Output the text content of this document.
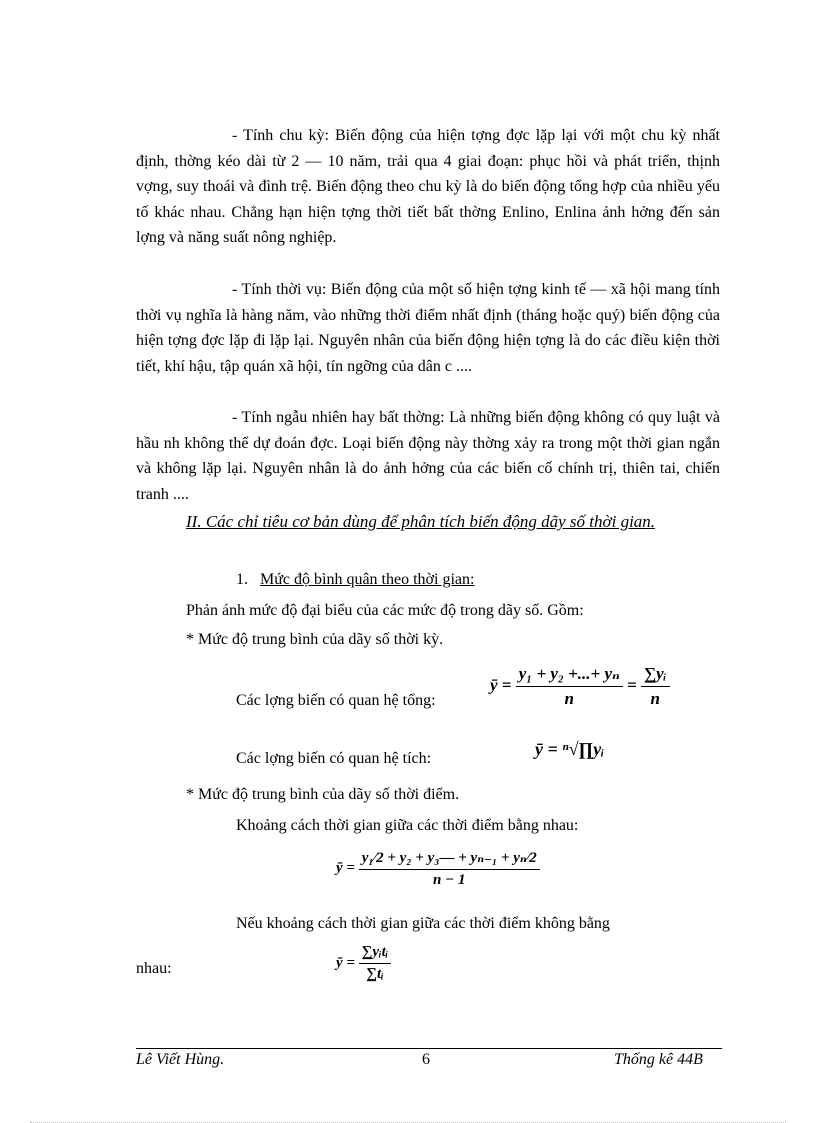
- Tính chu kỳ: Biến động của hiện tợng đợc lặp lại với một chu kỳ nhất định, thờng kéo dài từ 2 — 10 năm, trải qua 4 giai đoạn: phục hồi và phát triển, thịnh vợng, suy thoái và đình trệ. Biến động theo chu kỳ là do biến động tổng hợp của nhiều yếu tố khác nhau. Chẳng hạn hiện tợng thời tiết bất thờng Enlino, Enlina ảnh hởng đến sản lợng và năng suất nông nghiệp.
- Tính thời vụ: Biến động của một số hiện tợng kinh tế — xã hội mang tính thời vụ nghĩa là hàng năm, vào những thời điểm nhất định (tháng hoặc quý) biến động của hiện tợng đợc lặp đi lặp lại. Nguyên nhân của biến động hiện tợng là do các điều kiện thời tiết, khí hậu, tập quán xã hội, tín ngỡng của dân c ....
- Tính ngẫu nhiên hay bất thờng: Là những biến động không có quy luật và hầu nh không thể dự đoán đợc. Loại biến động này thờng xảy ra trong một thời gian ngắn và không lặp lại. Nguyên nhân là do ảnh hởng của các biến cố chính trị, thiên tai, chiến tranh ....
II. Các chỉ tiêu cơ bản dùng để phân tích biến động dãy số thời gian.
1. Mức độ bình quân theo thời gian:
Phản ánh mức độ đại biểu của các mức độ trong dãy số. Gồm:
* Mức độ trung bình của dãy số thời kỳ.
Các lợng biến có quan hệ tổng:
ȳ = $\frac{\text{y₁ + y₂ +...+ yₙ}}{n} = \frac{\text{∑yᵢ}}{n}$
Các lợng biến có quan hệ tích:	ȳ = ⁿ√∏yᵢ
* Mức độ trung bình của dãy số thời điểm.
Khoảng cách thời gian giữa các thời điểm bằng nhau:
ȳ = $\frac{\text{y₁⁄2 + y₂ + y₃— + yₙ₋₁ + yₙ⁄2}}{n - 1}$
Nếu khoảng cách thời gian giữa các thời điểm không bằng
nhau:	ȳ = $\frac{\text{∑yᵢtᵢ}}{\text{∑tᵢ}}$
Lê Viết Hùng.	6	Thống kê 44B
